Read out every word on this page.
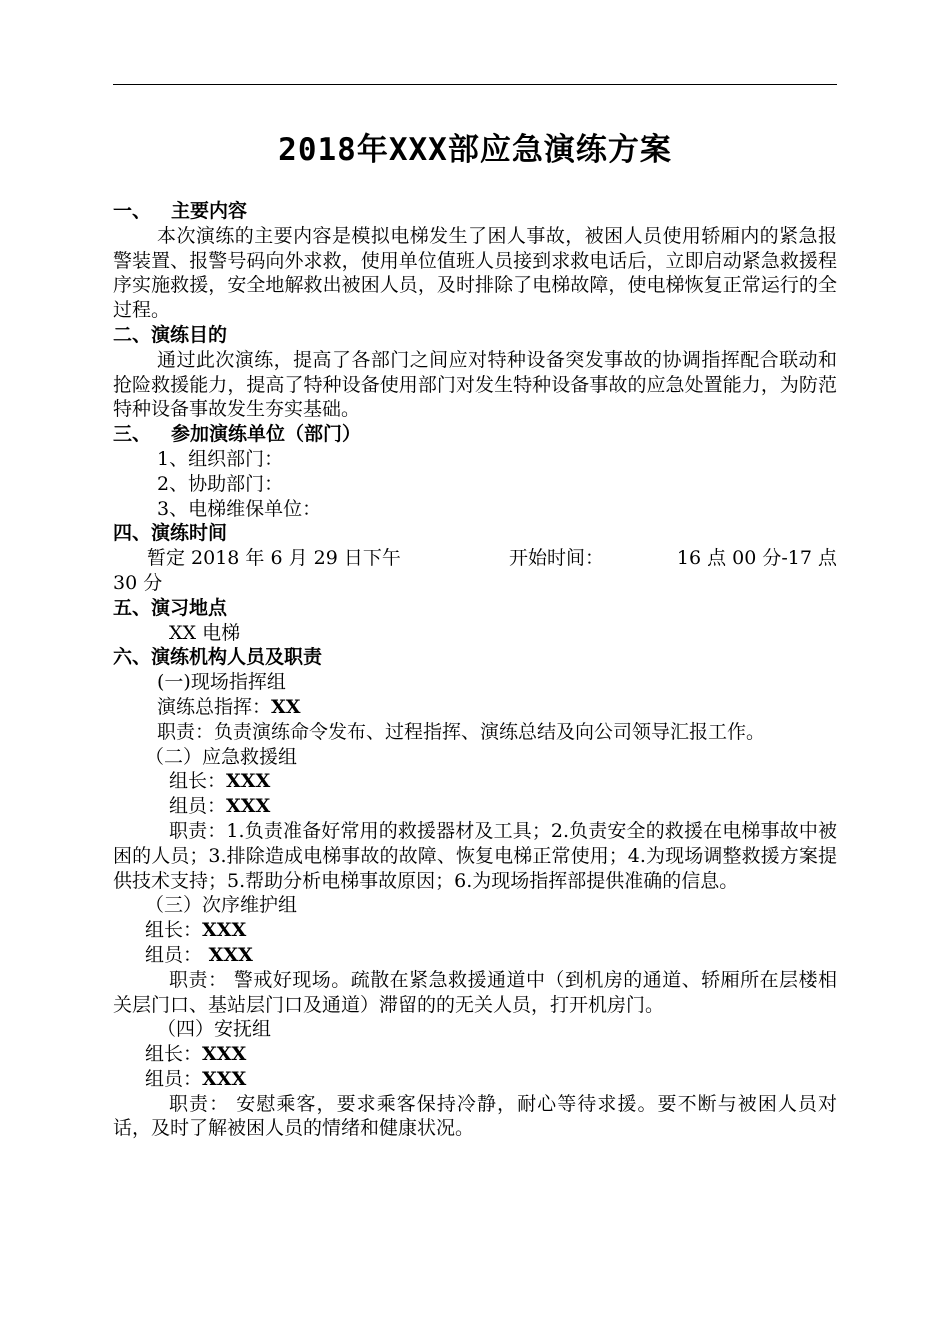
2018年XXX部应急演练方案

一、 主要内容

本次演练的主要内容是模拟电梯发生了困人事故，被困人员使用轿厢内的紧急报警装置、报警号码向外求救，使用单位值班人员接到求救电话后，立即启动紧急救援程序实施救援，安全地解救出被困人员，及时排除了电梯故障，使电梯恢复正常运行的全过程。

二、演练目的

通过此次演练，提高了各部门之间应对特种设备突发事故的协调指挥配合联动和抢险救援能力，提高了特种设备使用部门对发生特种设备事故的应急处置能力，为防范特种设备事故发生夯实基础。

三、 参加演练单位（部门）

1、组织部门：

2、协助部门：

3、电梯维保单位：

四、演练时间

暂定 2018 年 6 月 29 日下午	开始时间：	16 点 00 分-17 点

30 分

五、演习地点

XX 电梯

六、演练机构人员及职责

(一)现场指挥组

演练总指挥：XX

职责：负责演练命令发布、过程指挥、演练总结及向公司领导汇报工作。

（二）应急救援组

组长：XXX

组员：XXX

职责：1.负责准备好常用的救援器材及工具；2.负责安全的救援在电梯事故中被困的人员；3.排除造成电梯事故的故障、恢复电梯正常使用；4.为现场调整救援方案提供技术支持；5.帮助分析电梯事故原因；6.为现场指挥部提供准确的信息。

（三）次序维护组

组长：XXX

组员： XXX

职责： 警戒好现场。疏散在紧急救援通道中（到机房的通道、轿厢所在层楼相关层门口、基站层门口及通道）滞留的的无关人员，打开机房门。

（四）安抚组

组长：XXX

组员：XXX

职责： 安慰乘客，要求乘客保持冷静，耐心等待求援。要不断与被困人员对话，及时了解被困人员的情绪和健康状况。
